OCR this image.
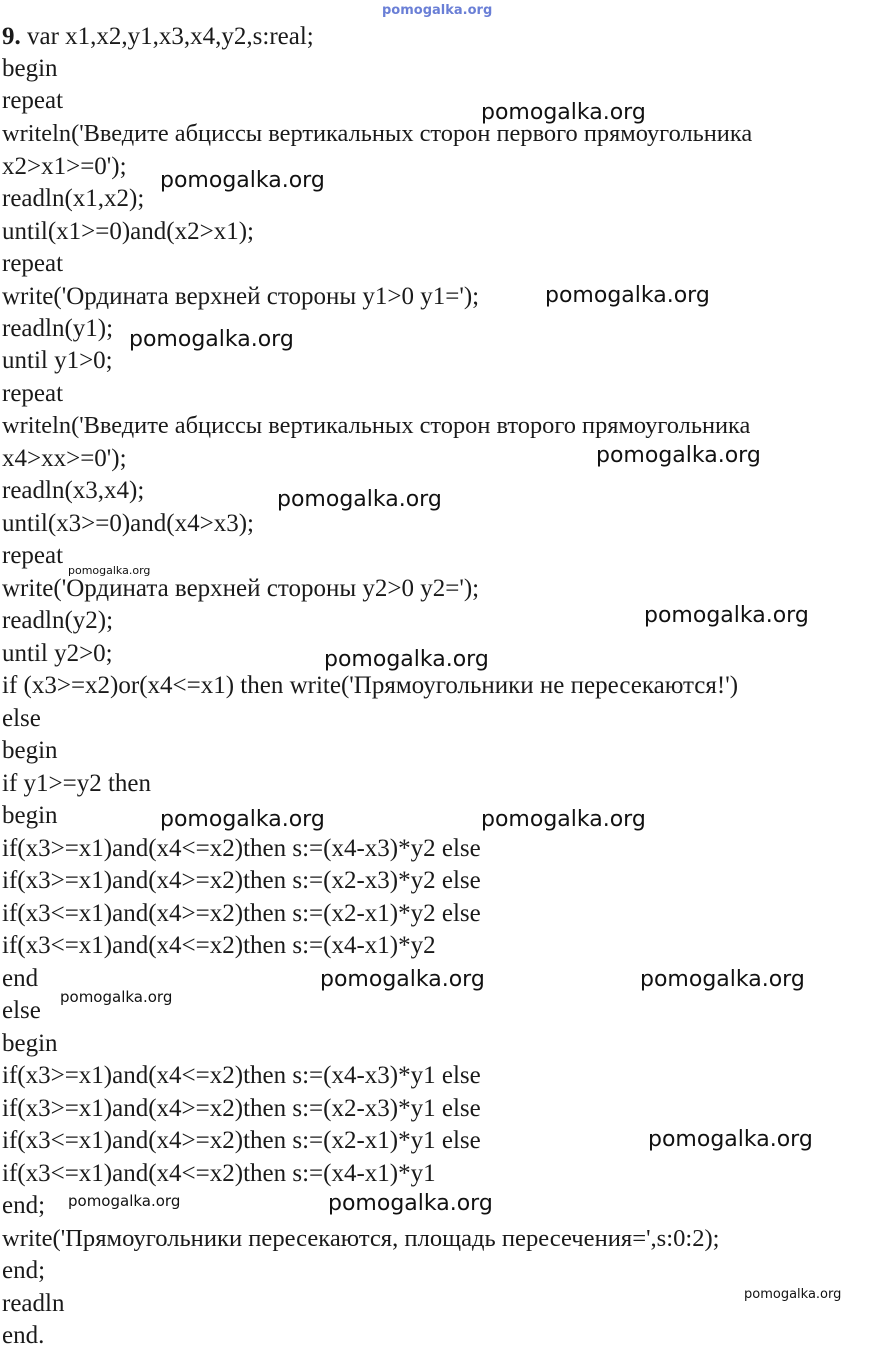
pomogalka.org
9. var x1,x2,y1,x3,x4,y2,s:real;
begin
repeat
writeln('Введите абциссы вертикальных сторон первого прямоугольника
x2>x1>=0');
readln(x1,x2);
until(x1>=0)and(x2>x1);
repeat
write('Ордината верхней стороны y1>0 y1=');
readln(y1);
until y1>0;
repeat
writeln('Введите абциссы вертикальных сторон второго прямоугольника
x4>xx>=0');
readln(x3,x4);
until(x3>=0)and(x4>x3);
repeat
write('Ордината верхней стороны y2>0 y2=');
readln(y2);
until y2>0;
if (x3>=x2)or(x4<=x1) then write('Прямоугольники не пересекаются!')
else
begin
if y1>=y2 then
begin
if(x3>=x1)and(x4<=x2)then s:=(x4-x3)*y2 else
if(x3>=x1)and(x4>=x2)then s:=(x2-x3)*y2 else
if(x3<=x1)and(x4>=x2)then s:=(x2-x1)*y2 else
if(x3<=x1)and(x4<=x2)then s:=(x4-x1)*y2
end
else
begin
if(x3>=x1)and(x4<=x2)then s:=(x4-x3)*y1 else
if(x3>=x1)and(x4>=x2)then s:=(x2-x3)*y1 else
if(x3<=x1)and(x4>=x2)then s:=(x2-x1)*y1 else
if(x3<=x1)and(x4<=x2)then s:=(x4-x1)*y1
end;
write('Прямоугольники пересекаются, площадь пересечения=',s:0:2);
end;
readln
end.
pomogalka.org
pomogalka.org
pomogalka.org
pomogalka.org
pomogalka.org
pomogalka.org
pomogalka.org
pomogalka.org
pomogalka.org
pomogalka.org	pomogalka.org
pomogalka.org	pomogalka.org
pomogalka.org
pomogalka.org
pomogalka.org	pomogalka.org
pomogalka.org
